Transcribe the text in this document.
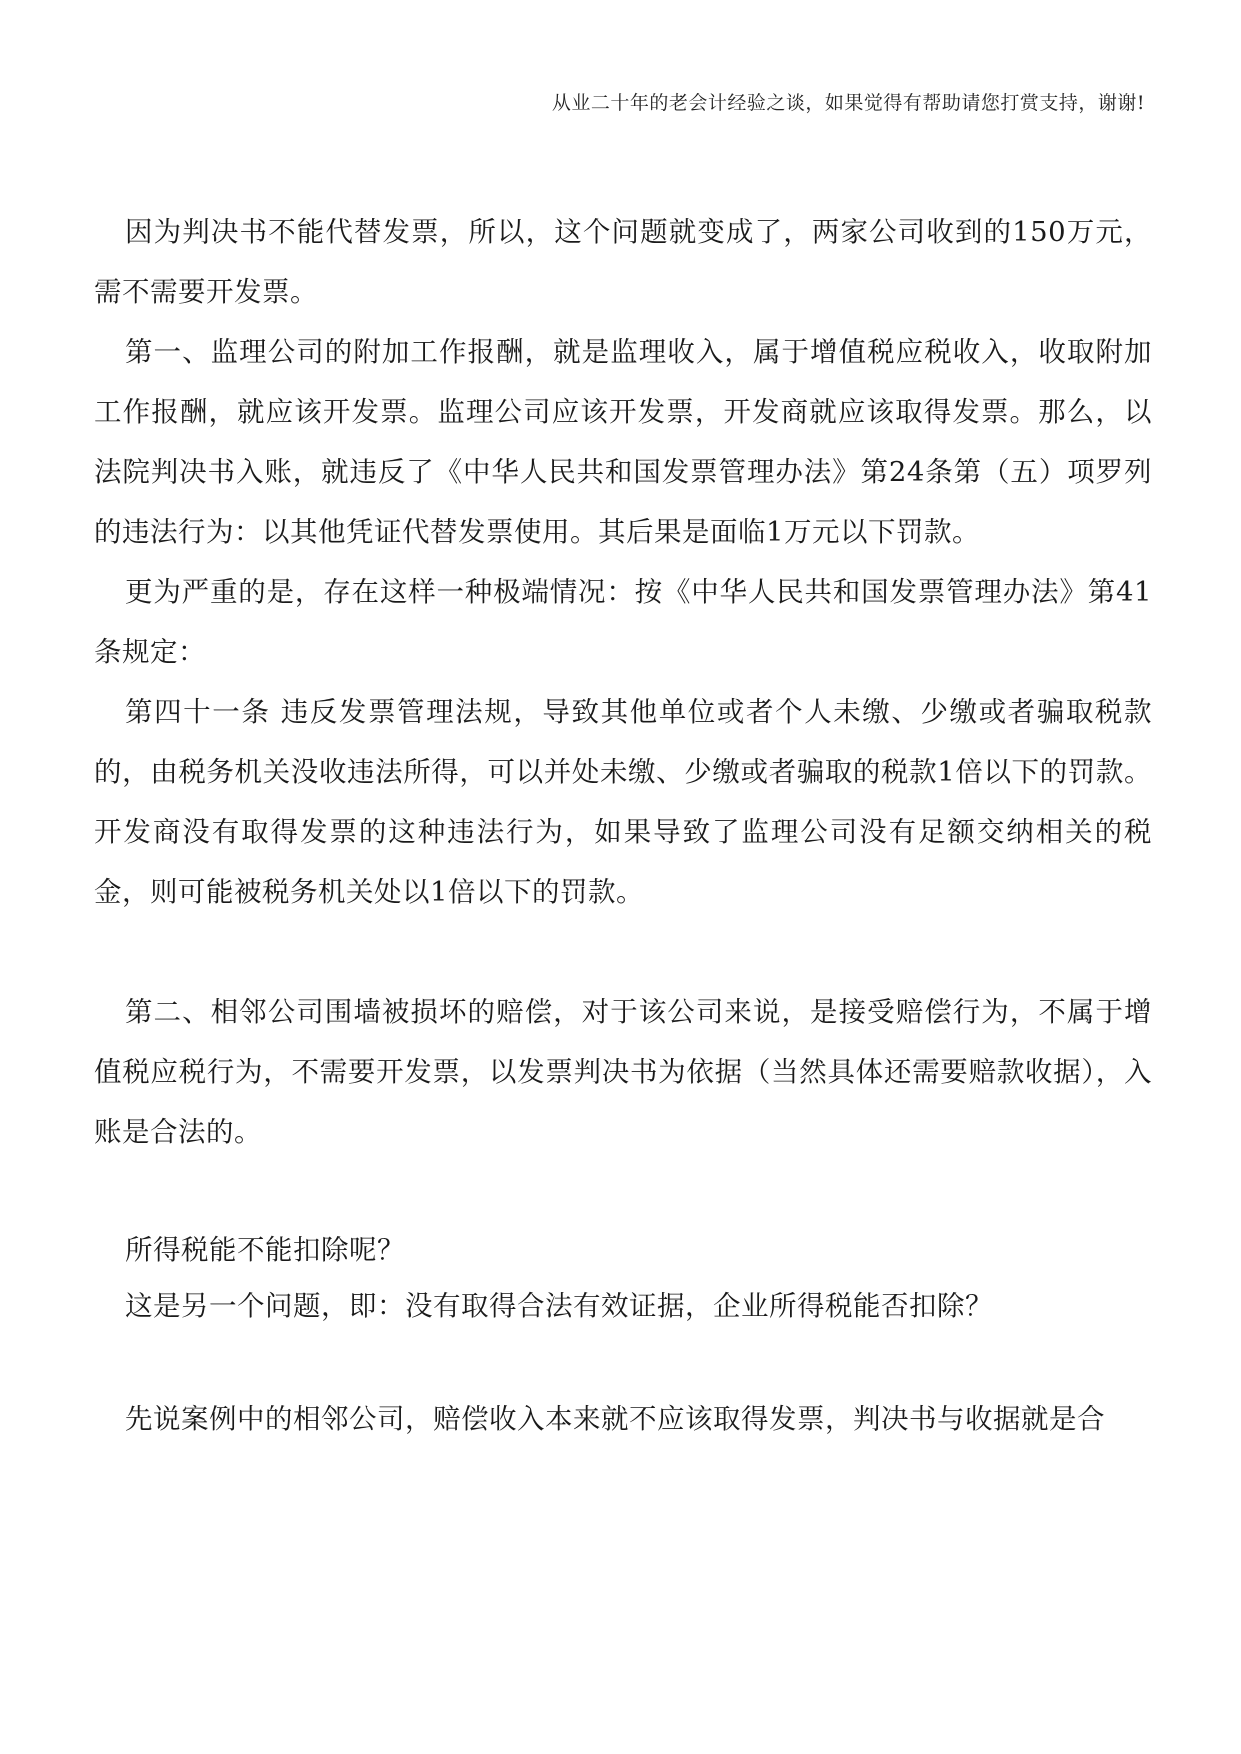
从业二十年的老会计经验之谈，如果觉得有帮助请您打赏支持，谢谢!

因为判决书不能代替发票，所以，这个问题就变成了，两家公司收到的150万元，需不需要开发票。

第一、监理公司的附加工作报酬，就是监理收入，属于增值税应税收入，收取附加工作报酬，就应该开发票。监理公司应该开发票，开发商就应该取得发票。那么，以法院判决书入账，就违反了《中华人民共和国发票管理办法》第24条第（五）项罗列的违法行为：以其他凭证代替发票使用。其后果是面临1万元以下罚款。

更为严重的是，存在这样一种极端情况：按《中华人民共和国发票管理办法》第41条规定：

第四十一条 违反发票管理法规，导致其他单位或者个人未缴、少缴或者骗取税款的，由税务机关没收违法所得，可以并处未缴、少缴或者骗取的税款1倍以下的罚款。开发商没有取得发票的这种违法行为，如果导致了监理公司没有足额交纳相关的税金，则可能被税务机关处以1倍以下的罚款。

第二、相邻公司围墙被损坏的赔偿，对于该公司来说，是接受赔偿行为，不属于增值税应税行为，不需要开发票，以发票判决书为依据（当然具体还需要赔款收据），入账是合法的。

所得税能不能扣除呢？

这是另一个问题，即：没有取得合法有效证据，企业所得税能否扣除？

先说案例中的相邻公司，赔偿收入本来就不应该取得发票，判决书与收据就是合
